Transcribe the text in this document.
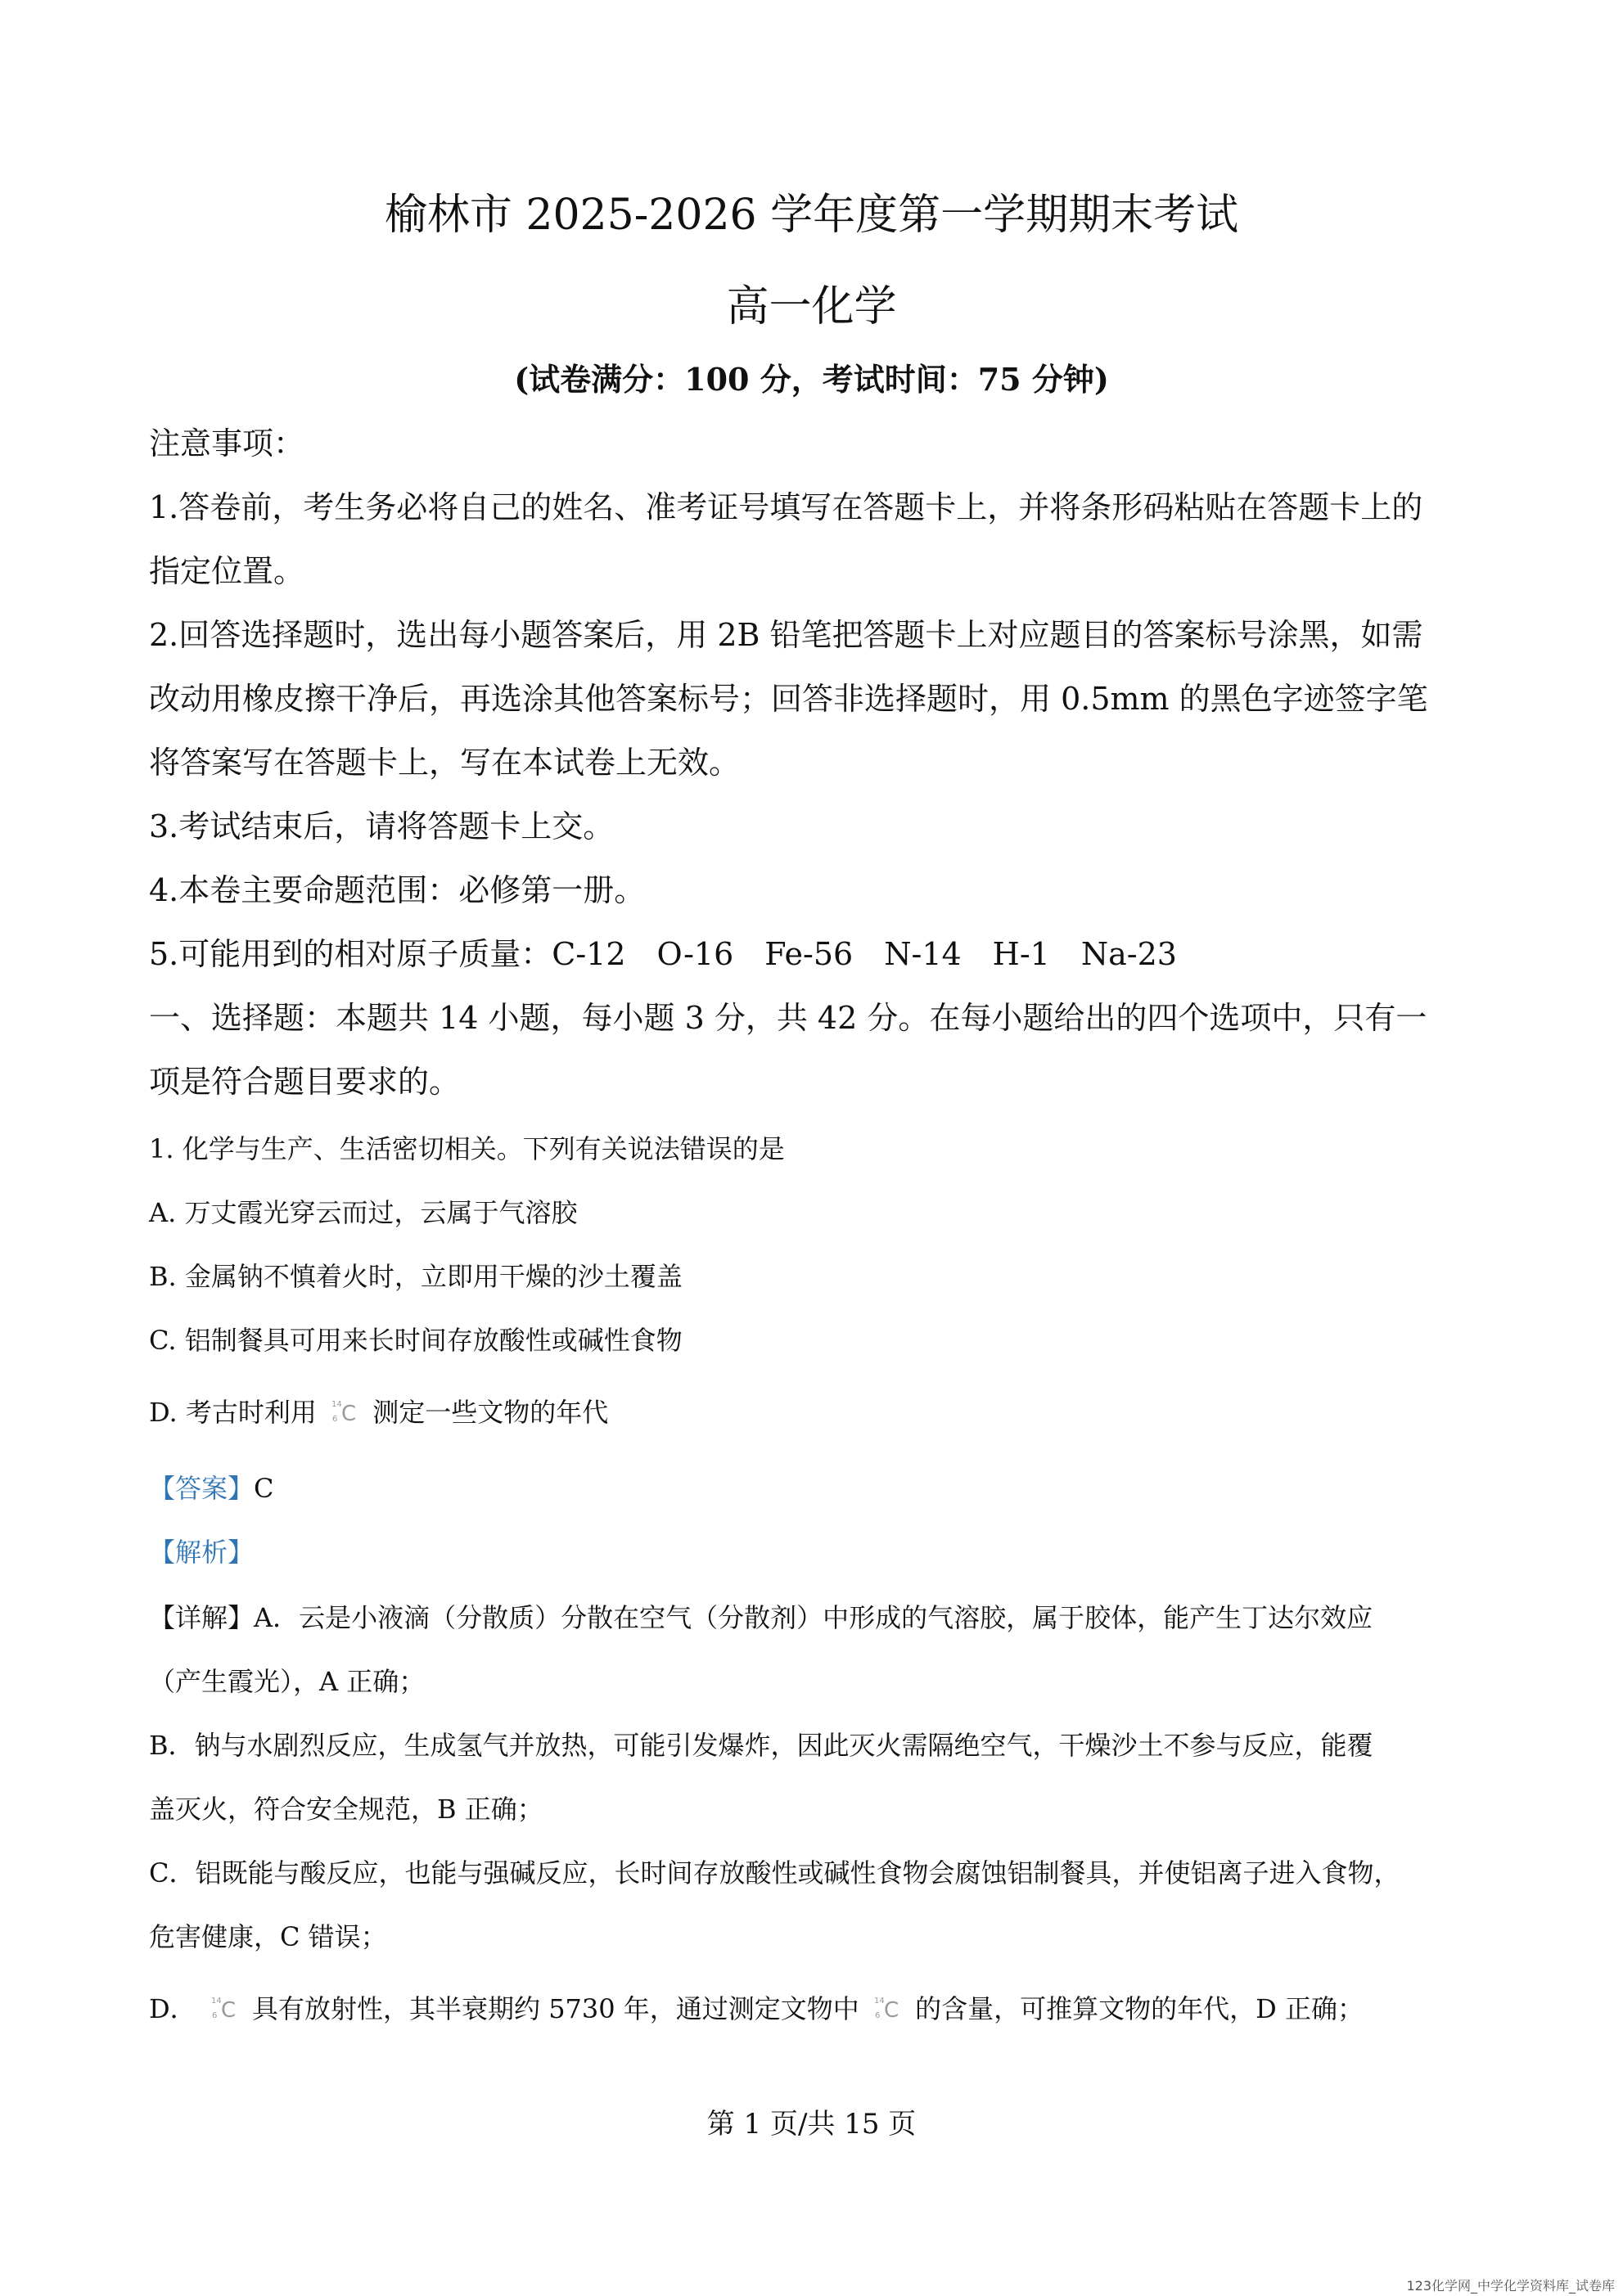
榆林市 2025-2026 学年度第一学期期末考试
高一化学
(试卷满分：100 分，考试时间：75 分钟)
注意事项：
1.答卷前，考生务必将自己的姓名、准考证号填写在答题卡上，并将条形码粘贴在答题卡上的
指定位置。
2.回答选择题时，选出每小题答案后，用 2B 铅笔把答题卡上对应题目的答案标号涂黑，如需
改动用橡皮擦干净后，再选涂其他答案标号；回答非选择题时，用 0.5mm 的黑色字迹签字笔
将答案写在答题卡上，写在本试卷上无效。
3.考试结束后，请将答题卡上交。
4.本卷主要命题范围：必修第一册。
5.可能用到的相对原子质量：C-12　O-16　Fe-56　N-14　H-1　Na-23
一、选择题：本题共 14 小题，每小题 3 分，共 42 分。在每小题给出的四个选项中，只有一
项是符合题目要求的。
1. 化学与生产、生活密切相关。下列有关说法错误的是
A. 万丈霞光穿云而过，云属于气溶胶
B. 金属钠不慎着火时，立即用干燥的沙土覆盖
C. 铝制餐具可用来长时间存放酸性或碱性食物
D. 考古时利用 14
6 C 测定一些文物的年代
【答案】C
【解析】
【详解】A．云是小液滴（分散质）分散在空气（分散剂）中形成的气溶胶，属于胶体，能产生丁达尔效应
（产生霞光），A 正确；
B．钠与水剧烈反应，生成氢气并放热，可能引发爆炸，因此灭火需隔绝空气，干燥沙土不参与反应，能覆
盖灭火，符合安全规范，B 正确；
C．铝既能与酸反应，也能与强碱反应，长时间存放酸性或碱性食物会腐蚀铝制餐具，并使铝离子进入食物，
危害健康，C 错误；
D． 14
6 C 具有放射性，其半衰期约 5730 年，通过测定文物中 14
6 C 的含量，可推算文物的年代，D 正确；
第 1 页/共 15 页
123化学网_中学化学资料库_试卷库
